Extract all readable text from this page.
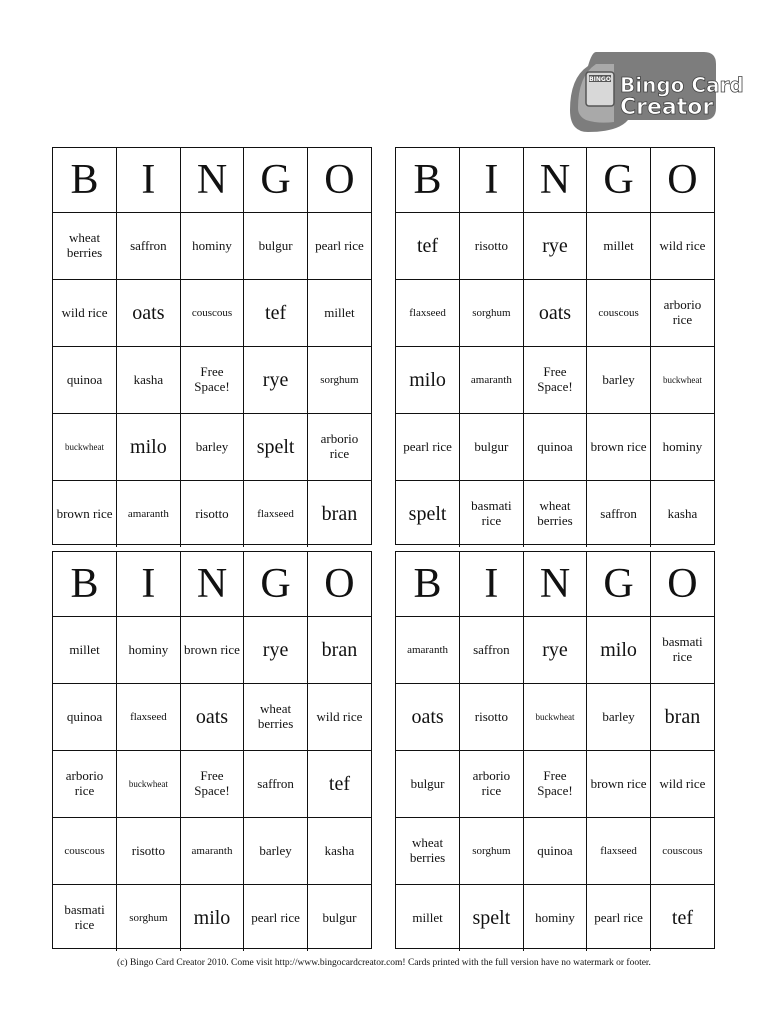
BINGO Bingo Card
Creator
B	I	N	G	O
wheat berries	saffron	hominy	bulgur	pearl rice
wild rice	oats	couscous	tef	millet
quinoa	kasha	Free Space!	rye	sorghum
buckwheat	milo	barley	spelt	arborio rice
brown rice	amaranth	risotto	flaxseed	bran
B	I	N	G	O
tef	risotto	rye	millet	wild rice
flaxseed	sorghum	oats	couscous	arborio rice
milo	amaranth	Free Space!	barley	buckwheat
pearl rice	bulgur	quinoa	brown rice	hominy
spelt	basmati rice	wheat berries	saffron	kasha
B	I	N	G	O
millet	hominy	brown rice	rye	bran
quinoa	flaxseed	oats	wheat berries	wild rice
arborio rice	buckwheat	Free Space!	saffron	tef
couscous	risotto	amaranth	barley	kasha
basmati rice	sorghum	milo	pearl rice	bulgur
B	I	N	G	O
amaranth	saffron	rye	milo	basmati rice
oats	risotto	buckwheat	barley	bran
bulgur	arborio rice	Free Space!	brown rice	wild rice
wheat berries	sorghum	quinoa	flaxseed	couscous
millet	spelt	hominy	pearl rice	tef
(c) Bingo Card Creator 2010. Come visit http://www.bingocardcreator.com! Cards printed with the full version have no watermark or footer.
